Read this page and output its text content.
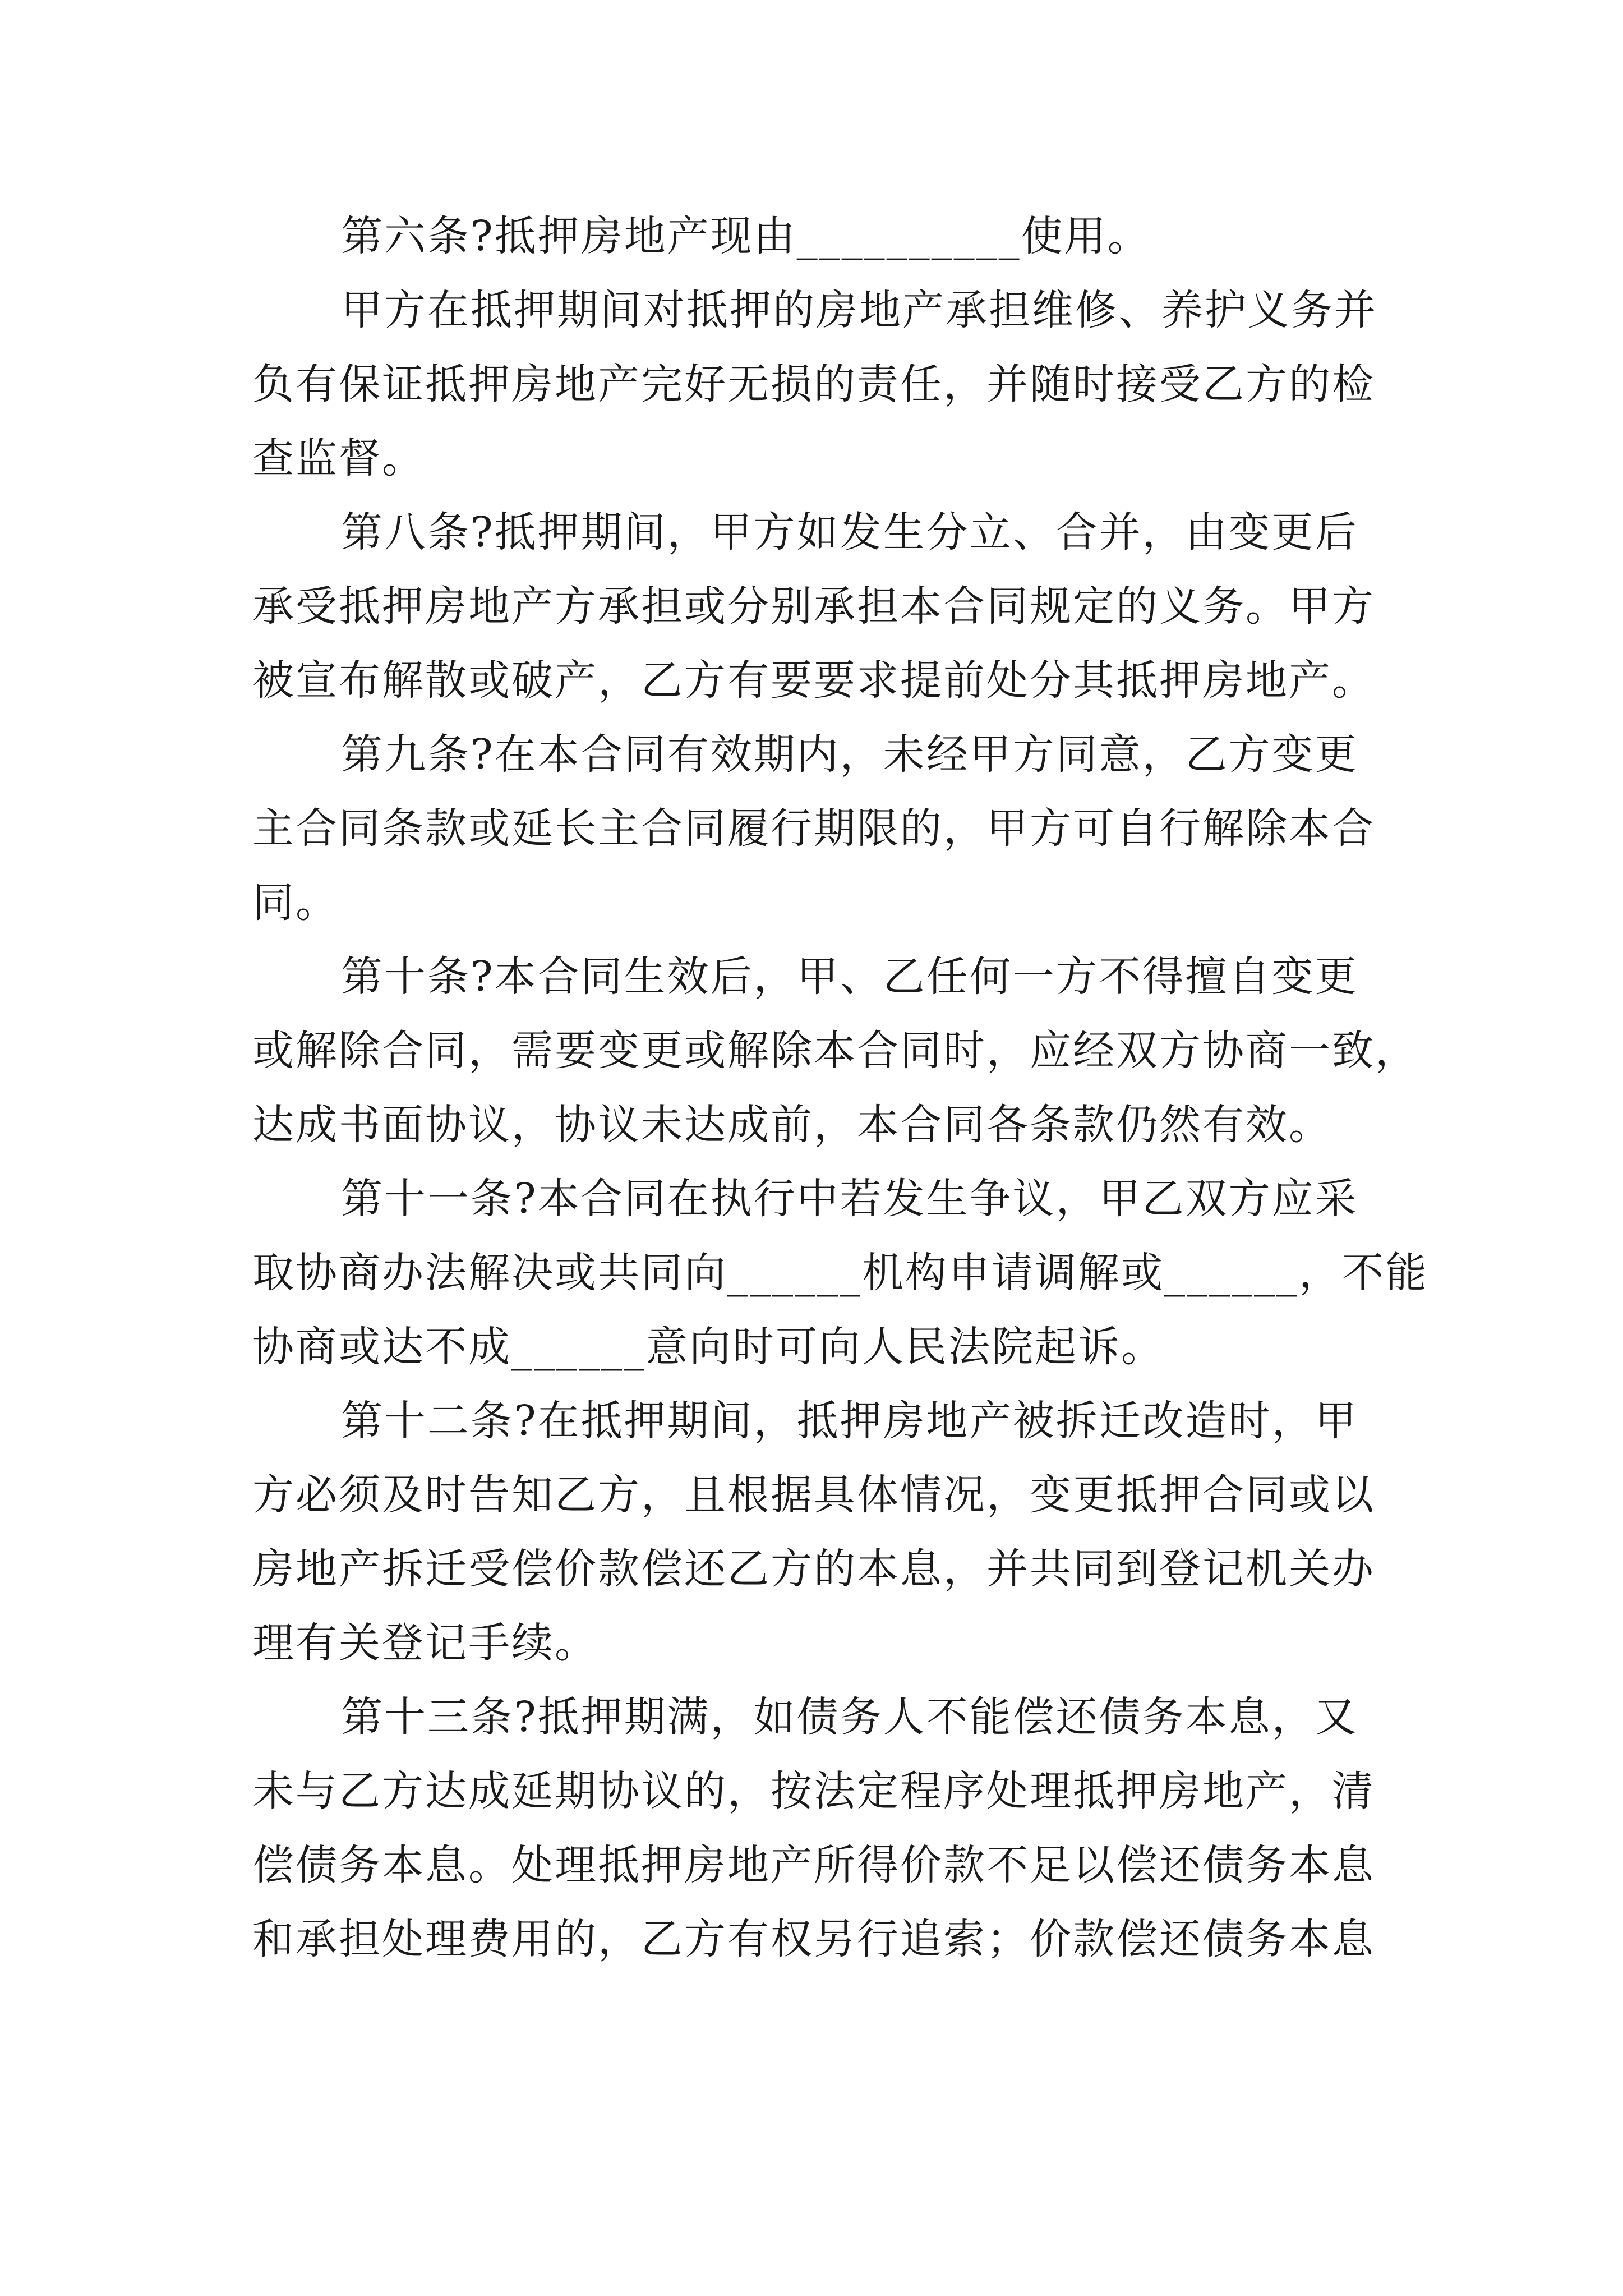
第六条?抵押房地产现由__________使用。

甲方在抵押期间对抵押的房地产承担维修、养护义务并
负有保证抵押房地产完好无损的责任，并随时接受乙方的检
查监督。

第八条?抵押期间，甲方如发生分立、合并，由变更后
承受抵押房地产方承担或分别承担本合同规定的义务。甲方
被宣布解散或破产，乙方有要要求提前处分其抵押房地产。

第九条?在本合同有效期内，未经甲方同意，乙方变更
主合同条款或延长主合同履行期限的，甲方可自行解除本合
同。

第十条?本合同生效后，甲、乙任何一方不得擅自变更
或解除合同，需要变更或解除本合同时，应经双方协商一致，
达成书面协议，协议未达成前，本合同各条款仍然有效。

第十一条?本合同在执行中若发生争议，甲乙双方应采
取协商办法解决或共同向______机构申请调解或______，不能
协商或达不成______意向时可向人民法院起诉。

第十二条?在抵押期间，抵押房地产被拆迁改造时，甲
方必须及时告知乙方，且根据具体情况，变更抵押合同或以
房地产拆迁受偿价款偿还乙方的本息，并共同到登记机关办
理有关登记手续。

第十三条?抵押期满，如债务人不能偿还债务本息，又
未与乙方达成延期协议的，按法定程序处理抵押房地产，清
偿债务本息。处理抵押房地产所得价款不足以偿还债务本息
和承担处理费用的，乙方有权另行追索；价款偿还债务本息
